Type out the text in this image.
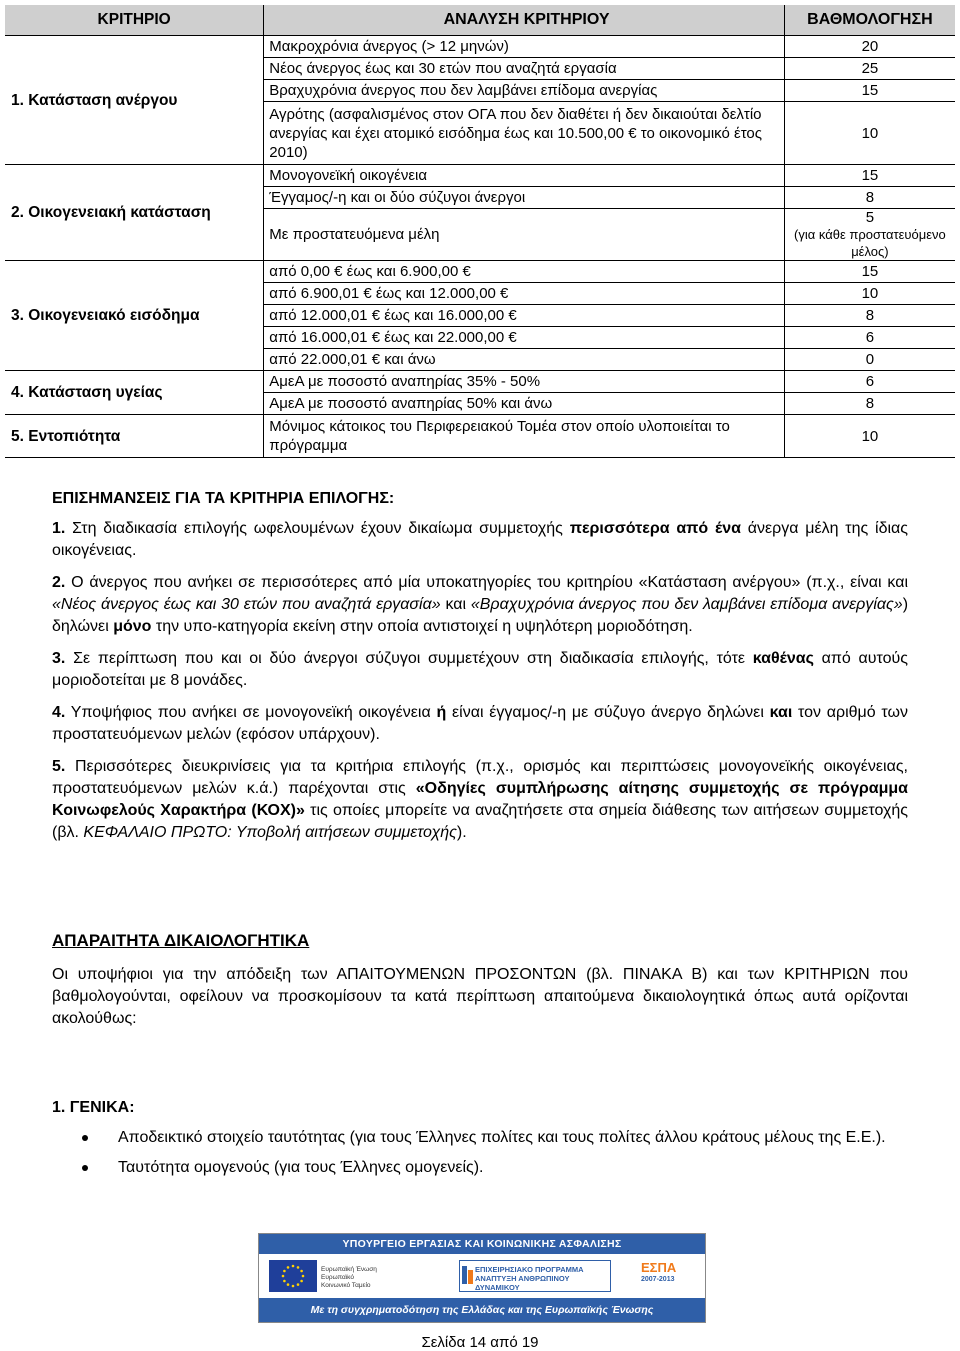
ΚΡΙΤΗΡΙΟ	ΑΝΑΛΥΣΗ ΚΡΙΤΗΡΙΟΥ	ΒΑΘΜΟΛΟΓΗΣΗ
1. Κατάσταση ανέργου	Μακροχρόνια άνεργος (> 12 μηνών)	20
	Νέος άνεργος έως και 30 ετών που αναζητά εργασία	25
	Βραχυχρόνια άνεργος που δεν λαμβάνει επίδομα ανεργίας	15
	Αγρότης (ασφαλισμένος στον ΟΓΑ που δεν διαθέτει ή δεν δικαιούται δελτίο ανεργίας και έχει ατομικό εισόδημα έως και 10.500,00 € το οικονομικό έτος 2010)	10
2. Οικογενειακή κατάσταση	Μονογονεϊκή οικογένεια	15
	Έγγαμος/-η και οι δύο σύζυγοι άνεργοι	8
	Με προστατευόμενα μέλη	5
(για κάθε προστατευόμενο μέλος)

3. Οικογενειακό εισόδημα	από 0,00 € έως και 6.900,00 €	15
	από 6.900,01 € έως και 12.000,00 €	10
	από 12.000,01 € έως και 16.000,00 €	8
	από 16.000,01 € έως και 22.000,00 €	6
	από 22.000,01 € και άνω	0
4. Κατάσταση υγείας	ΑμεΑ με ποσοστό αναπηρίας 35% - 50%	6
	ΑμεΑ με ποσοστό αναπηρίας 50% και άνω	8
5. Εντοπιότητα	Μόνιμος κάτοικος του Περιφερειακού Τομέα στον οποίο υλοποιείται το πρόγραμμα	10
ΕΠΙΣΗΜΑΝΣΕΙΣ ΓΙΑ ΤΑ ΚΡΙΤΗΡΙΑ ΕΠΙΛΟΓΗΣ:

1. Στη διαδικασία επιλογής ωφελουμένων έχουν δικαίωμα συμμετοχής περισσότερα από ένα άνεργα μέλη της ίδιας οικογένειας.

2. Ο άνεργος που ανήκει σε περισσότερες από μία υποκατηγορίες του κριτηρίου «Κατάσταση ανέργου» (π.χ., είναι και «Νέος άνεργος έως και 30 ετών που αναζητά εργασία» και «Βραχυχρόνια άνεργος που δεν λαμβάνει επίδομα ανεργίας») δηλώνει μόνο την υπο-κατηγορία εκείνη στην οποία αντιστοιχεί η υψηλότερη μοριοδότηση.

3. Σε περίπτωση που και οι δύο άνεργοι σύζυγοι συμμετέχουν στη διαδικασία επιλογής, τότε καθένας από αυτούς μοριοδοτείται με 8 μονάδες.

4. Υποψήφιος που ανήκει σε μονογονεϊκή οικογένεια ή είναι έγγαμος/-η με σύζυγο άνεργο δηλώνει και τον αριθμό των προστατευόμενων μελών (εφόσον υπάρχουν).

5. Περισσότερες διευκρινίσεις για τα κριτήρια επιλογής (π.χ., ορισμός και περιπτώσεις μονογονεϊκής οικογένειας, προστατευόμενων μελών κ.ά.) παρέχονται στις «Οδηγίες συμπλήρωσης αίτησης συμμετοχής σε πρόγραμμα Κοινωφελούς Χαρακτήρα (ΚΟΧ)» τις οποίες μπορείτε να αναζητήσετε στα σημεία διάθεσης των αιτήσεων συμμετοχής (βλ. ΚΕΦΑΛΑΙΟ ΠΡΩΤΟ: Υποβολή αιτήσεων συμμετοχής).

ΑΠΑΡΑΙΤΗΤΑ ΔΙΚΑΙΟΛΟΓΗΤΙΚΑ

Οι υποψήφιοι για την απόδειξη των ΑΠΑΙΤΟΥΜΕΝΩΝ ΠΡΟΣΟΝΤΩΝ (βλ. ΠΙΝΑΚΑ Β) και των ΚΡΙΤΗΡΙΩΝ που βαθμολογούνται, οφείλουν να προσκομίσουν τα κατά περίπτωση απαιτούμενα δικαιολογητικά όπως αυτά ορίζονται ακολούθως:

1. ΓΕΝΙΚΑ:
Αποδεικτικό στοιχείο ταυτότητας (για τους Έλληνες πολίτες και τους πολίτες άλλου κράτους μέλους της Ε.Ε.).
Ταυτότητα ομογενούς (για τους Έλληνες ομογενείς).
ΥΠΟΥΡΓΕΙΟ ΕΡΓΑΣΙΑΣ ΚΑΙ ΚΟΙΝΩΝΙΚΗΣ ΑΣΦΑΛΙΣΗΣ
Ευρωπαϊκή Ένωση Ευρωπαϊκό Κοινωνικό Ταμείο
ΕΠΙΧΕΙΡΗΣΙΑΚΟ ΠΡΟΓΡΑΜΜΑ ΑΝΑΠΤΥΞΗ ΑΝΘΡΩΠΙΝΟΥ ΔΥΝΑΜΙΚΟΥ
ΕΣΠΑ
2007-2013
Με τη συγχρηματοδότηση της Ελλάδας και της Ευρωπαϊκής Ένωσης
Σελίδα 14 από 19
